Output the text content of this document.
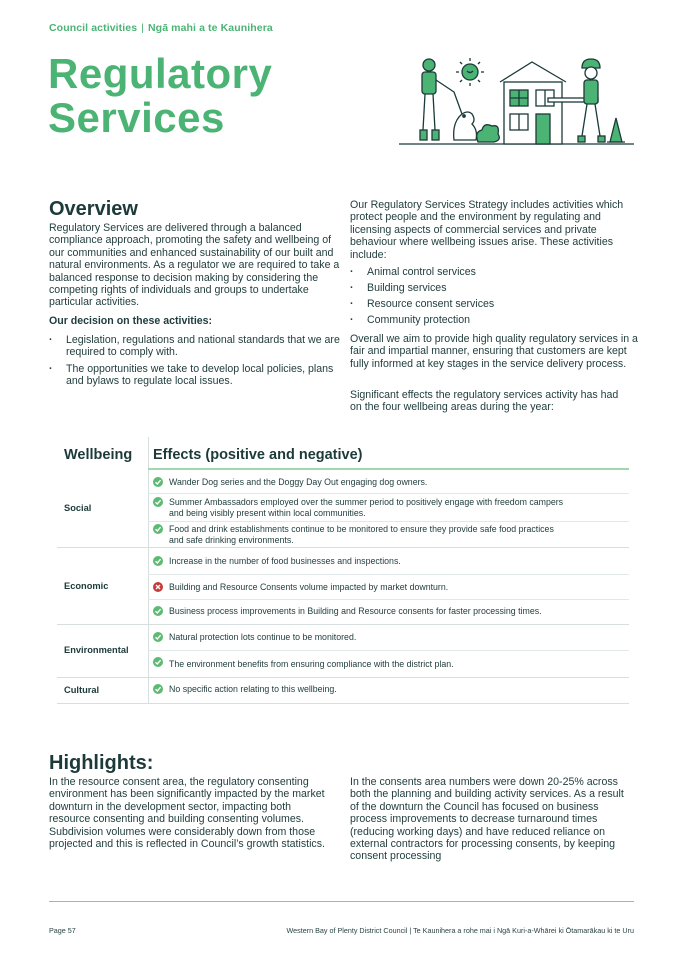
Council activities | Ngā mahi a te Kaunihera
Regulatory
Services
Overview
Regulatory Services are delivered through a balanced compliance approach, promoting the safety and wellbeing of our communities and enhanced sustainability of our built and natural environments. As a regulator we are required to take a balanced response to decision making by considering the competing rights of individuals and groups to undertake particular activities.
Our decision on these activities:
· Legislation, regulations and national standards that we are required to comply with.
· The opportunities we take to develop local policies, plans and bylaws to regulate local issues.
Our Regulatory Services Strategy includes activities which protect people and the environment by regulating and licensing aspects of commercial services and private behaviour where wellbeing issues arise. These activities include:
· Animal control services
· Building services
· Resource consent services
· Community protection
Overall we aim to provide high quality regulatory services in a fair and impartial manner, ensuring that customers are kept fully informed at key stages in the service delivery process.
Significant effects the regulatory services activity has had on the four wellbeing areas during the year:
Wellbeing Effects (positive and negative)
Social
Wander Dog series and the Doggy Day Out engaging dog owners.
Summer Ambassadors employed over the summer period to positively engage with freedom campers and being visibly present within local communities.
Food and drink establishments continue to be monitored to ensure they provide safe food practices and safe drinking environments.
Economic
Increase in the number of food businesses and inspections.
Building and Resource Consents volume impacted by market downturn.
Business process improvements in Building and Resource consents for faster processing times.
Environmental
Natural protection lots continue to be monitored.
The environment benefits from ensuring compliance with the district plan.
Cultural	No specific action relating to this wellbeing.
Highlights:
In the resource consent area, the regulatory consenting environment has been significantly impacted by the market downturn in the development sector, impacting both resource consenting and building consenting volumes. Subdivision volumes were considerably down from those projected and this is reflected in Council’s growth statistics.
In the consents area numbers were down 20-25% across both the planning and building activity services. As a result of the downturn the Council has focused on business process improvements to decrease turnaround times (reducing working days) and have reduced reliance on external contractors for processing consents, by keeping consent processing
Page 57	Western Bay of Plenty District Council | Te Kaunihera a rohe mai i Ngā Kuri-a-Whārei ki Ōtamarākau ki te Uru
